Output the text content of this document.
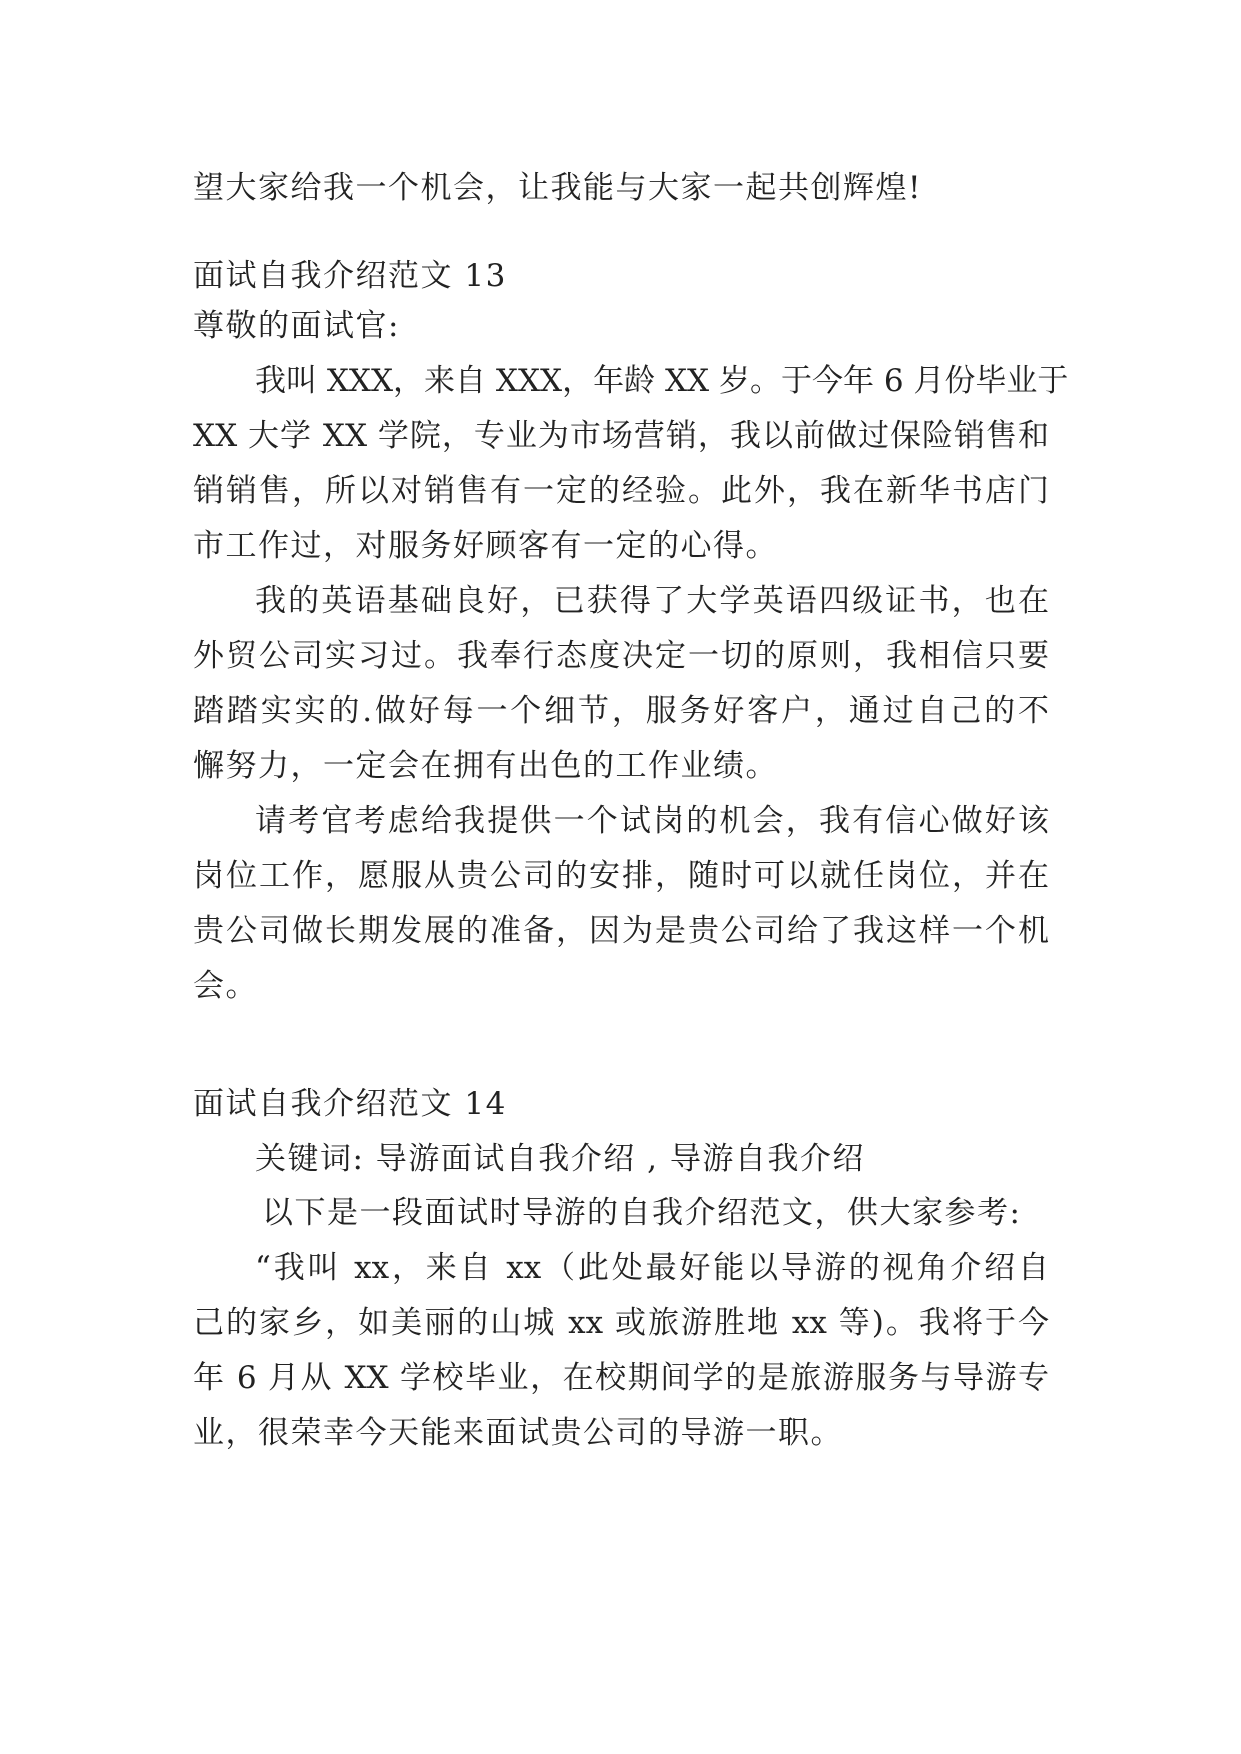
望大家给我一个机会，让我能与大家一起共创辉煌!
面试自我介绍范文 13
尊敬的面试官:
我叫 XXX，来自 XXX，年龄 XX 岁。于今年 6 月份毕业于
XX 大学 XX 学院，专业为市场营销，我以前做过保险销售和
销销售，所以对销售有一定的经验。此外，我在新华书店门
市工作过，对服务好顾客有一定的心得。
我的英语基础良好，已获得了大学英语四级证书，也在
外贸公司实习过。我奉行态度决定一切的原则，我相信只要
踏踏实实的.做好每一个细节，服务好客户，通过自己的不
懈努力，一定会在拥有出色的工作业绩。
请考官考虑给我提供一个试岗的机会，我有信心做好该
岗位工作，愿服从贵公司的安排，随时可以就任岗位，并在
贵公司做长期发展的准备，因为是贵公司给了我这样一个机
会。
面试自我介绍范文 14
关键词: 导游面试自我介绍 , 导游自我介绍
以下是一段面试时导游的自我介绍范文，供大家参考:
“我叫 xx，来自 xx（此处最好能以导游的视角介绍自
己的家乡，如美丽的山城 xx 或旅游胜地 xx 等)。我将于今
年 6 月从 XX 学校毕业，在校期间学的是旅游服务与导游专
业，很荣幸今天能来面试贵公司的导游一职。
